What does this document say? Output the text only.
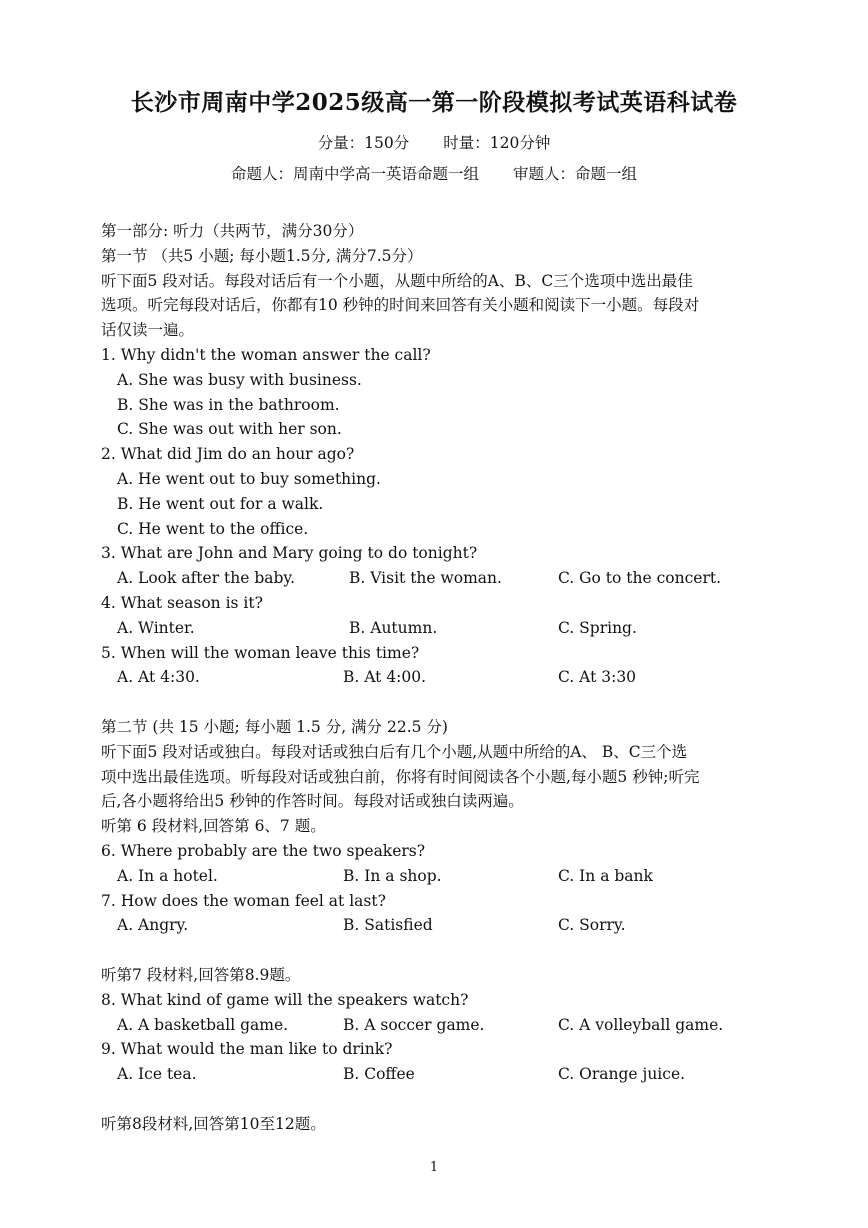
长沙市周南中学2025级高一第一阶段模拟考试英语科试卷
分量：150分 时量：120分钟
命题人：周南中学高一英语命题一组 审题人：命题一组

第一部分: 听力（共两节，满分30分）

第一节 （共5 小题; 每小题1.5分, 满分7.5分）

听下面5 段对话。每段对话后有一个小题，从题中所给的A、B、C三个选项中选出最佳

选项。听完每段对话后，你都有10 秒钟的时间来回答有关小题和阅读下一小题。每段对

话仅读一遍。

1. Why didn't the woman answer the call?

A. She was busy with business.

B. She was in the bathroom.

C. She was out with her son.

2. What did Jim do an hour ago?

A. He went out to buy something.

B. He went out for a walk.

C. He went to the office.

3. What are John and Mary going to do tonight?

A. Look after the baby.	B. Visit the woman.	C. Go to the concert.

4. What season is it?

A. Winter.	B. Autumn.	C. Spring.

5. When will the woman leave this time?

A. At 4:30.	B. At 4:00.	C. At 3:30

第二节 (共 15 小题; 每小题 1.5 分, 满分 22.5 分)

听下面5 段对话或独白。每段对话或独白后有几个小题,从题中所给的A、 B、C三个选

项中选出最佳选项。听每段对话或独白前，你将有时间阅读各个小题,每小题5 秒钟;听完

后,各小题将给出5 秒钟的作答时间。每段对话或独白读两遍。

听第 6 段材料,回答第 6、7 题。

6. Where probably are the two speakers?

A. In a hotel.	B. In a shop.	C. In a bank

7. How does the woman feel at last?

A. Angry.	B. Satisfied	C. Sorry.

听第7 段材料,回答第8.9题。

8. What kind of game will the speakers watch?

A. A basketball game.	B. A soccer game.	C. A volleyball game.

9. What would the man like to drink?

A. Ice tea.	B. Coffee	C. Orange juice.

听第8段材料,回答第10至12题。

1
